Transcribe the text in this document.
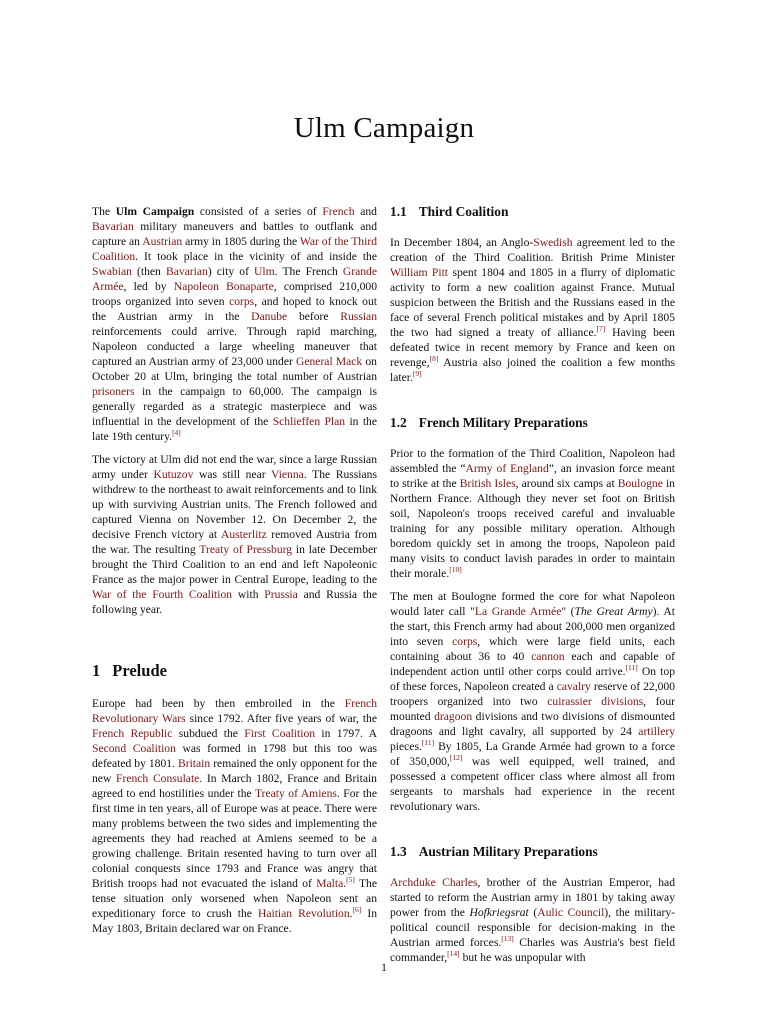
Ulm Campaign

The Ulm Campaign consisted of a series of French and Bavarian military maneuvers and battles to outflank and capture an Austrian army in 1805 during the War of the Third Coalition. It took place in the vicinity of and inside the Swabian (then Bavarian) city of Ulm. The French Grande Armée, led by Napoleon Bonaparte, comprised 210,000 troops organized into seven corps, and hoped to knock out the Austrian army in the Danube before Russian reinforcements could arrive. Through rapid marching, Napoleon conducted a large wheeling maneuver that captured an Austrian army of 23,000 under General Mack on October 20 at Ulm, bringing the total number of Austrian prisoners in the campaign to 60,000. The campaign is generally regarded as a strategic masterpiece and was influential in the development of the Schlieffen Plan in the late 19th century.[4]

The victory at Ulm did not end the war, since a large Russian army under Kutuzov was still near Vienna. The Russians withdrew to the northeast to await reinforcements and to link up with surviving Austrian units. The French followed and captured Vienna on November 12. On December 2, the decisive French victory at Austerlitz removed Austria from the war. The resulting Treaty of Pressburg in late December brought the Third Coalition to an end and left Napoleonic France as the major power in Central Europe, leading to the War of the Fourth Coalition with Prussia and Russia the following year.

1 Prelude

Europe had been by then embroiled in the French Revolutionary Wars since 1792. After five years of war, the French Republic subdued the First Coalition in 1797. A Second Coalition was formed in 1798 but this too was defeated by 1801. Britain remained the only opponent for the new French Consulate. In March 1802, France and Britain agreed to end hostilities under the Treaty of Amiens. For the first time in ten years, all of Europe was at peace. There were many problems between the two sides and implementing the agreements they had reached at Amiens seemed to be a growing challenge. Britain resented having to turn over all colonial conquests since 1793 and France was angry that British troops had not evacuated the island of Malta.[5] The tense situation only worsened when Napoleon sent an expeditionary force to crush the Haitian Revolution.[6] In May 1803, Britain declared war on France.

1.1 Third Coalition

In December 1804, an Anglo-Swedish agreement led to the creation of the Third Coalition. British Prime Minister William Pitt spent 1804 and 1805 in a flurry of diplomatic activity to form a new coalition against France. Mutual suspicion between the British and the Russians eased in the face of several French political mistakes and by April 1805 the two had signed a treaty of alliance.[7] Having been defeated twice in recent memory by France and keen on revenge,[8] Austria also joined the coalition a few months later.[9]

1.2 French Military Preparations

Prior to the formation of the Third Coalition, Napoleon had assembled the “Army of England”, an invasion force meant to strike at the British Isles, around six camps at Boulogne in Northern France. Although they never set foot on British soil, Napoleon's troops received careful and invaluable training for any possible military operation. Although boredom quickly set in among the troops, Napoleon paid many visits to conduct lavish parades in order to maintain their morale.[10]

The men at Boulogne formed the core for what Napoleon would later call "La Grande Armée" (The Great Army). At the start, this French army had about 200,000 men organized into seven corps, which were large field units, each containing about 36 to 40 cannon each and capable of independent action until other corps could arrive.[11] On top of these forces, Napoleon created a cavalry reserve of 22,000 troopers organized into two cuirassier divisions, four mounted dragoon divisions and two divisions of dismounted dragoons and light cavalry, all supported by 24 artillery pieces.[11] By 1805, La Grande Armée had grown to a force of 350,000,[12] was well equipped, well trained, and possessed a competent officer class where almost all from sergeants to marshals had experience in the recent revolutionary wars.

1.3 Austrian Military Preparations

Archduke Charles, brother of the Austrian Emperor, had started to reform the Austrian army in 1801 by taking away power from the Hofkriegsrat (Aulic Council), the military-political council responsible for decision-making in the Austrian armed forces.[13] Charles was Austria's best field commander,[14] but he was unpopular with

1
